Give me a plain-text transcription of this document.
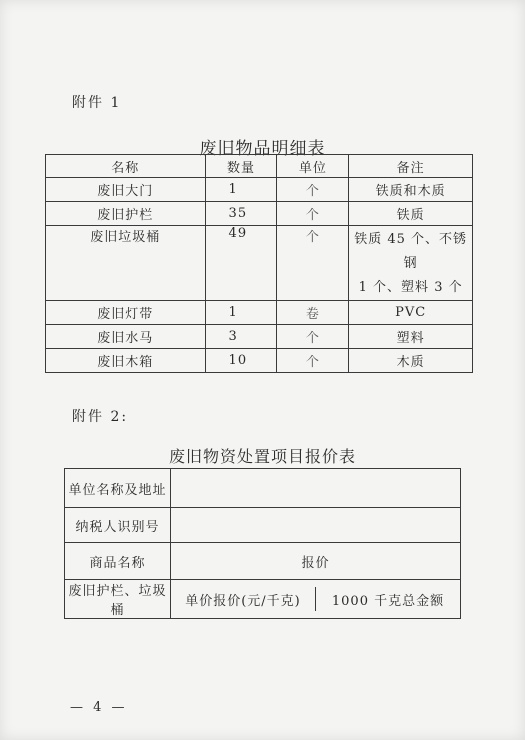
附件 1
废旧物品明细表
名称	数量	单位	备注
废旧大门	1	个	铁质和木质
废旧护栏	35	个	铁质
废旧垃圾桶	49	个	铁质 45 个、不锈钢
1 个、塑料 3 个

废旧灯带	1	卷	PVC
废旧水马	3	个	塑料
废旧木箱	10	个	木质
附件 2:
废旧物资处置项目报价表
单位名称及地址	
纳税人识别号	
商品名称	报价
废旧护栏、垃圾桶	单价报价(元/千克) 1000 千克总金额
— 4 —
